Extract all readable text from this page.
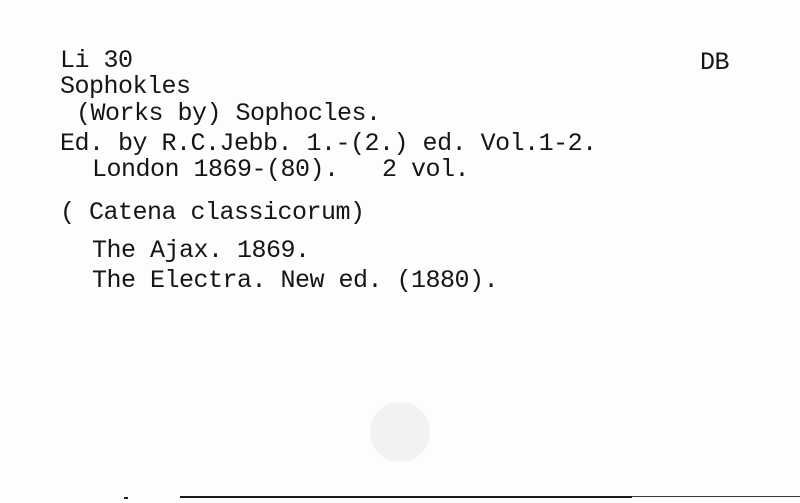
Li 30	DB
Sophokles
(Works by) Sophocles.
Ed. by R.C.Jebb. 1.-(2.) ed. Vol.1-2.
London 1869-(80).   2 vol.
( Catena classicorum)
The Ajax. 1869.
The Electra. New ed. (1880).
